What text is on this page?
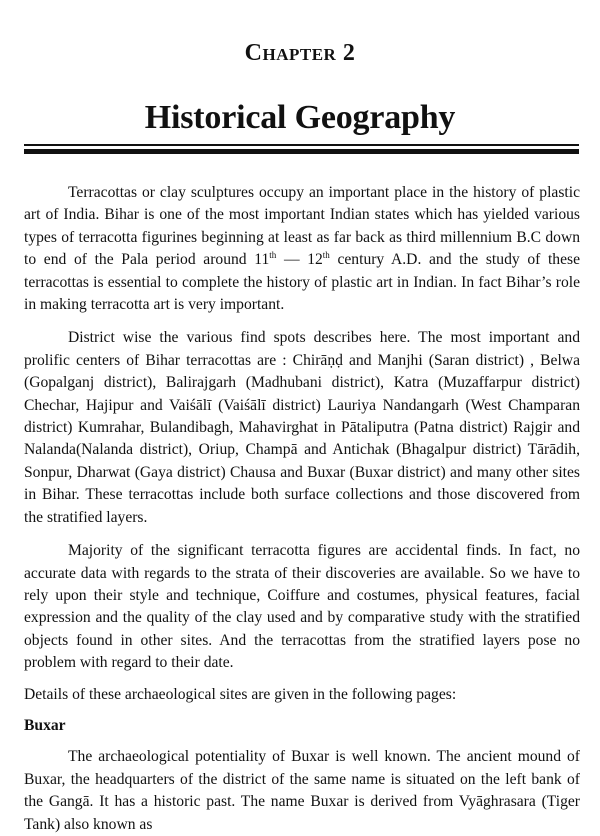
Chapter 2
Historical Geography

Terracottas or clay sculptures occupy an important place in the history of plastic art of India. Bihar is one of the most important Indian states which has yielded various types of terracotta figurines beginning at least as far back as third millennium B.C down to end of the Pala period around 11th — 12th century A.D. and the study of these terracottas is essential to complete the history of plastic art in Indian. In fact Bihar’s role in making terracotta art is very important.

District wise the various find spots describes here. The most important and prolific centers of Bihar terracottas are : Chirāṇḍ and Manjhi (Saran district) , Belwa (Gopalganj district), Balirajgarh (Madhubani district), Katra (Muzaffarpur district) Chechar, Hajipur and Vaiśālī (Vaiśālī district) Lauriya Nandangarh (West Champaran district) Kumrahar, Bulandibagh, Mahavirghat in Pātaliputra (Patna district) Rajgir and Nalanda(Nalanda district), Oriup, Champā and Antichak (Bhagalpur district) Tārādih, Sonpur, Dharwat (Gaya district) Chausa and Buxar (Buxar district) and many other sites in Bihar. These terracottas include both surface collections and those discovered from the stratified layers.

Majority of the significant terracotta figures are accidental finds. In fact, no accurate data with regards to the strata of their discoveries are available. So we have to rely upon their style and technique, Coiffure and costumes, physical features, facial expression and the quality of the clay used and by comparative study with the stratified objects found in other sites. And the terracottas from the stratified layers pose no problem with regard to their date.

Details of these archaeological sites are given in the following pages:

Buxar

The archaeological potentiality of Buxar is well known. The ancient mound of Buxar, the headquarters of the district of the same name is situated on the left bank of the Gangā. It has a historic past. The name Buxar is derived from Vyāghrasara (Tiger Tank) also known as
